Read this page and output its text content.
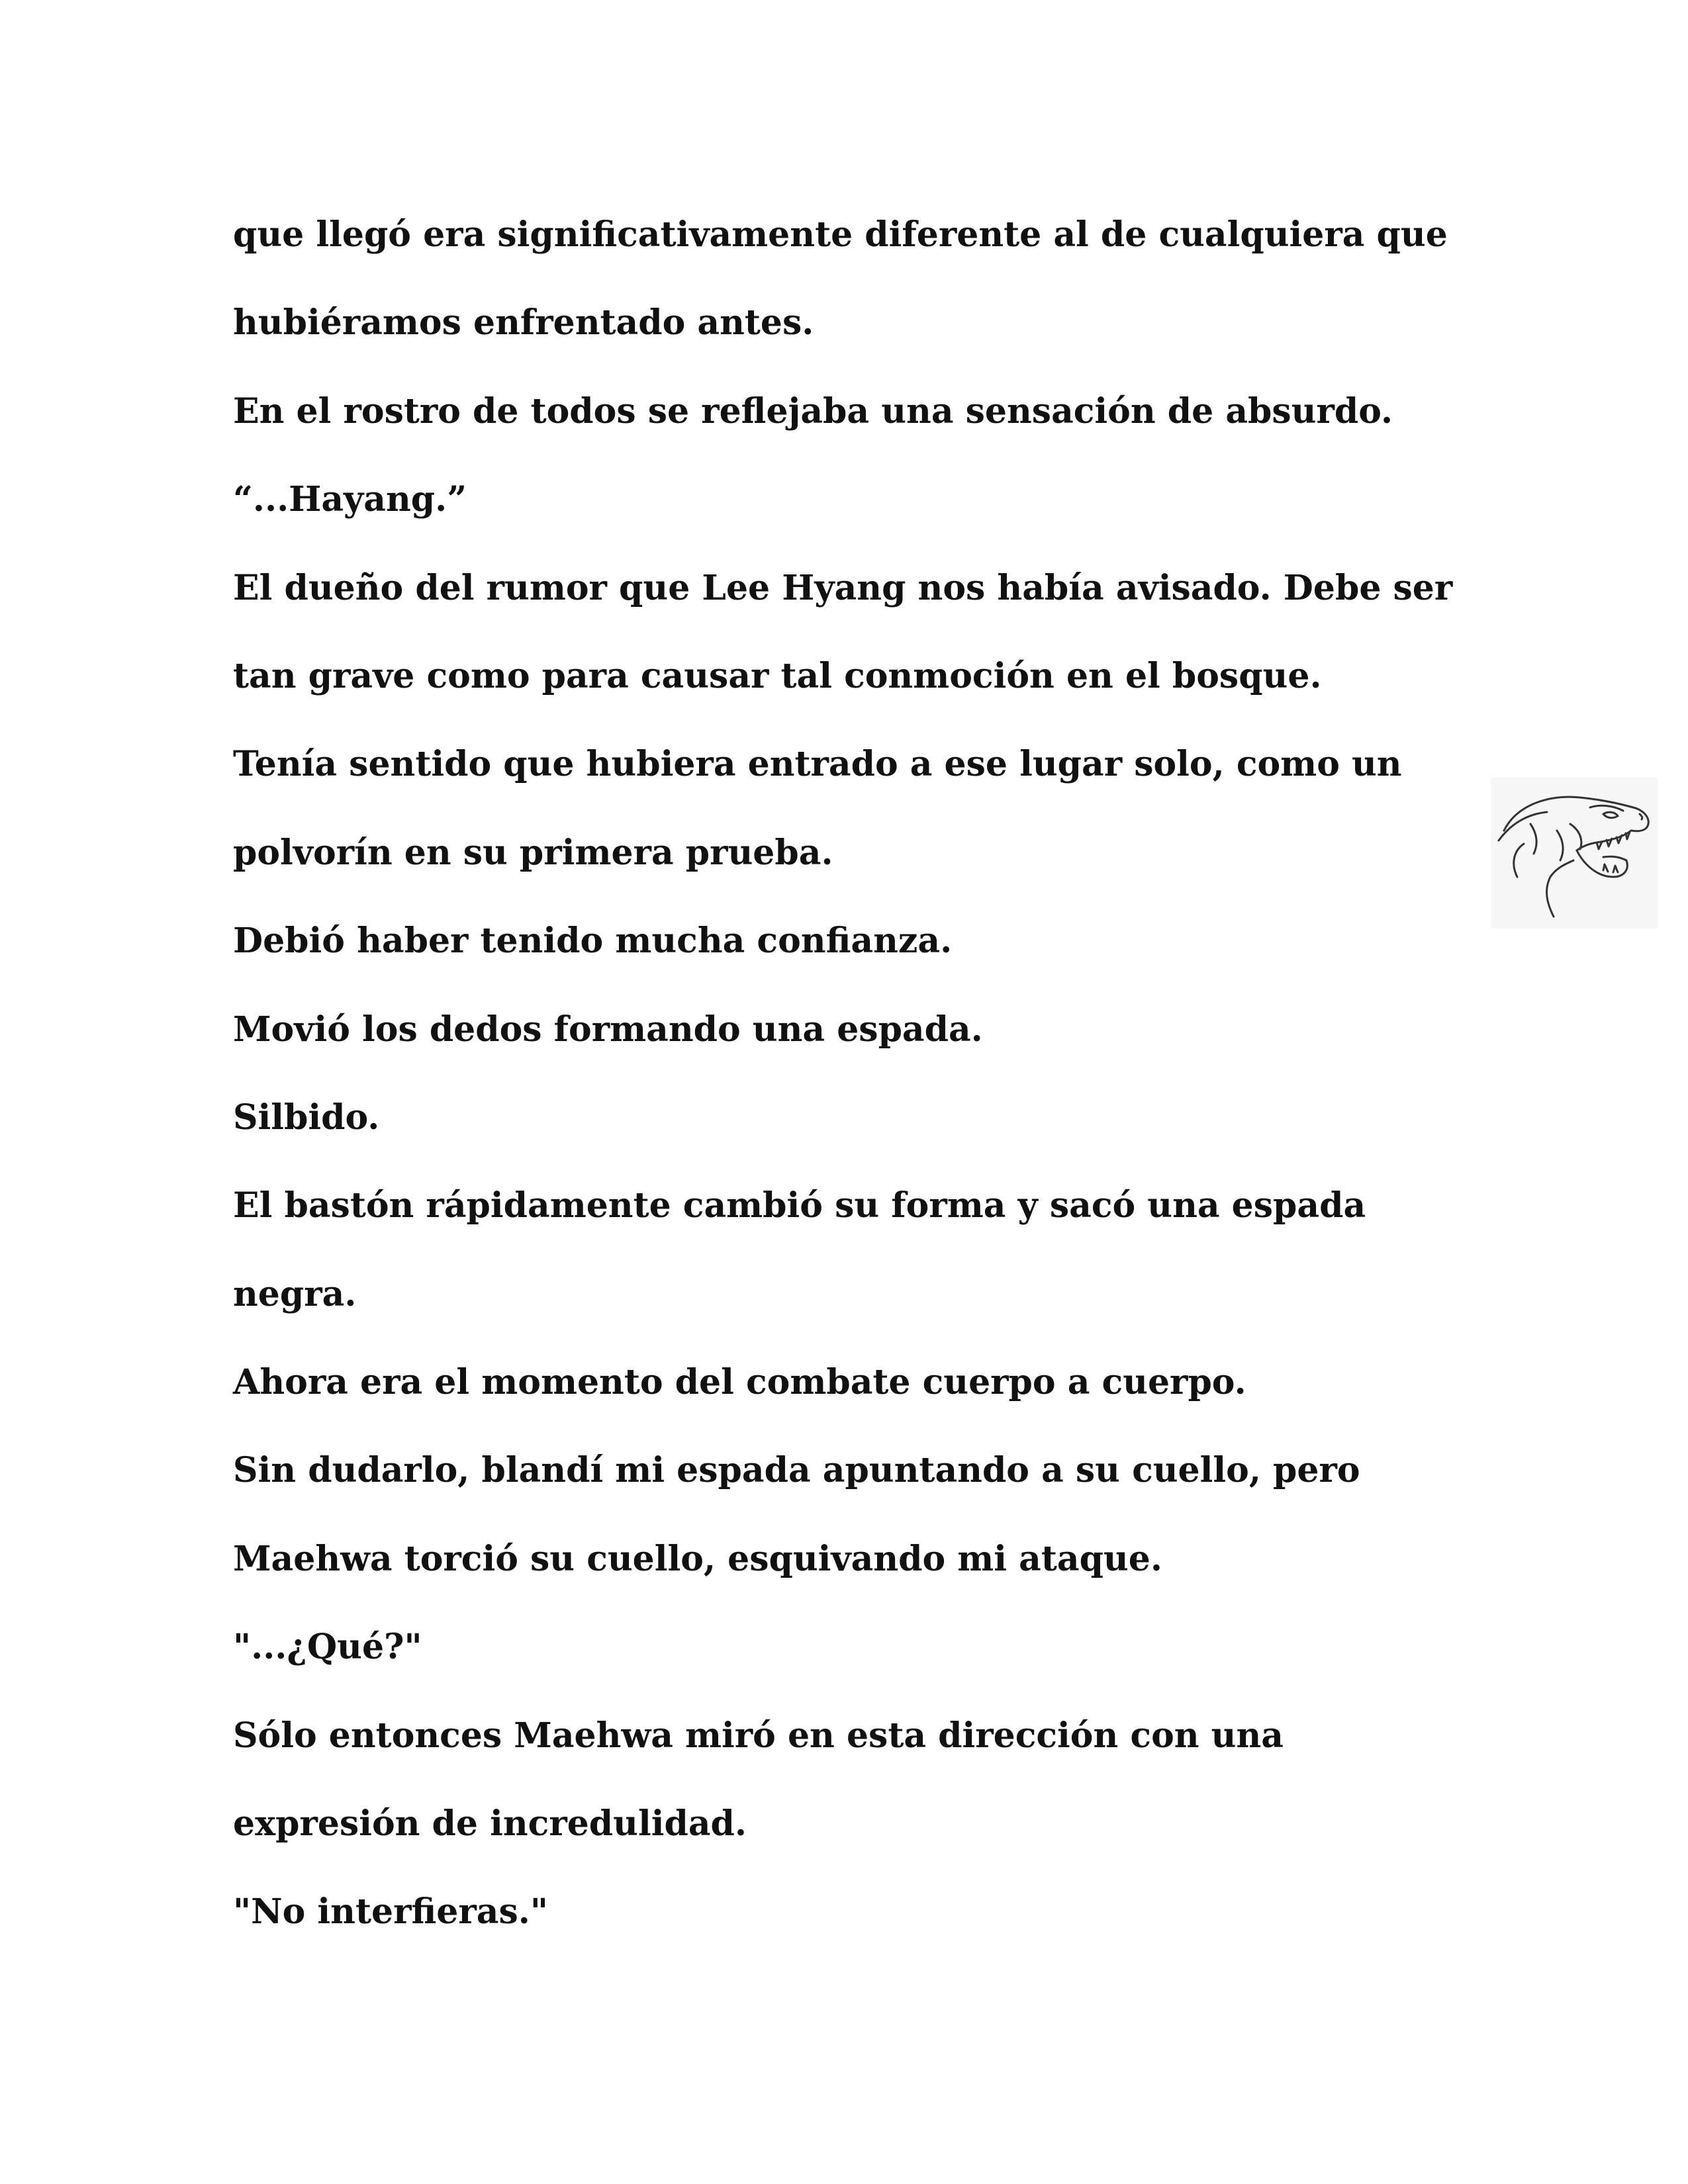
que llegó era significativamente diferente al de cualquiera que
hubiéramos enfrentado antes.
En el rostro de todos se reflejaba una sensación de absurdo.
“...Hayang.”
El dueño del rumor que Lee Hyang nos había avisado. Debe ser
tan grave como para causar tal conmoción en el bosque.
Tenía sentido que hubiera entrado a ese lugar solo, como un
polvorín en su primera prueba.
Debió haber tenido mucha confianza.
Movió los dedos formando una espada.
Silbido.
El bastón rápidamente cambió su forma y sacó una espada
negra.
Ahora era el momento del combate cuerpo a cuerpo.
Sin dudarlo, blandí mi espada apuntando a su cuello, pero
Maehwa torció su cuello, esquivando mi ataque.
"...¿Qué?"
Sólo entonces Maehwa miró en esta dirección con una
expresión de incredulidad.
"No interfieras."
